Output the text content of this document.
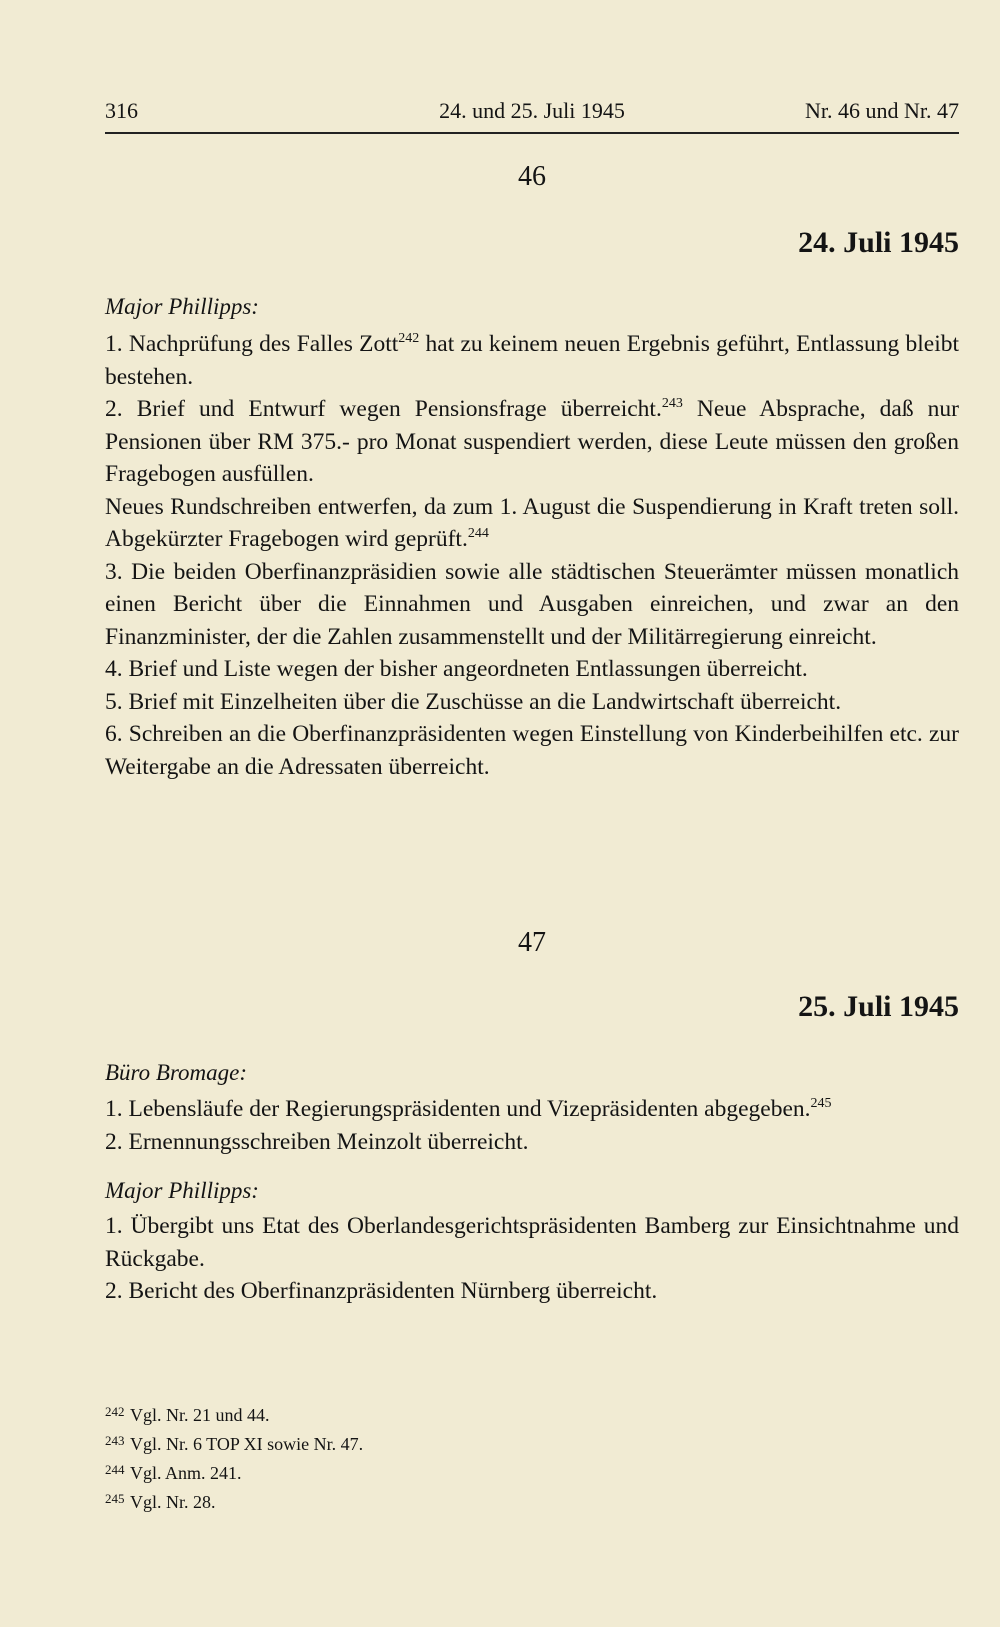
316	24. und 25. Juli 1945	Nr. 46 und Nr. 47
46
24. Juli 1945
Major Phillipps:

1. Nachprüfung des Falles Zott$^{242}$ hat zu keinem neuen Ergebnis geführt, Entlassung bleibt bestehen.

2. Brief und Entwurf wegen Pensionsfrage überreicht.$^{243}$ Neue Absprache, daß nur Pensionen über RM 375.- pro Monat suspendiert werden, diese Leute müssen den großen Fragebogen ausfüllen.

Neues Rundschreiben entwerfen, da zum 1. August die Suspendierung in Kraft treten soll. Abgekürzter Fragebogen wird geprüft.$^{244}$

3. Die beiden Oberfinanzpräsidien sowie alle städtischen Steuerämter müssen monatlich einen Bericht über die Einnahmen und Ausgaben einreichen, und zwar an den Finanzminister, der die Zahlen zusammenstellt und der Militärregierung einreicht.

4. Brief und Liste wegen der bisher angeordneten Entlassungen überreicht.

5. Brief mit Einzelheiten über die Zuschüsse an die Landwirtschaft überreicht.

6. Schreiben an die Oberfinanzpräsidenten wegen Einstellung von Kinderbeihilfen etc. zur Weitergabe an die Adressaten überreicht.

47
25. Juli 1945
Büro Bromage:

1. Lebensläufe der Regierungspräsidenten und Vizepräsidenten abgegeben.$^{245}$

2. Ernennungsschreiben Meinzolt überreicht.

Major Phillipps:

1. Übergibt uns Etat des Oberlandesgerichtspräsidenten Bamberg zur Einsichtnahme und Rückgabe.

2. Bericht des Oberfinanzpräsidenten Nürnberg überreicht.

242 Vgl. Nr. 21 und 44.
243 Vgl. Nr. 6 TOP XI sowie Nr. 47.
244 Vgl. Anm. 241.
245 Vgl. Nr. 28.
